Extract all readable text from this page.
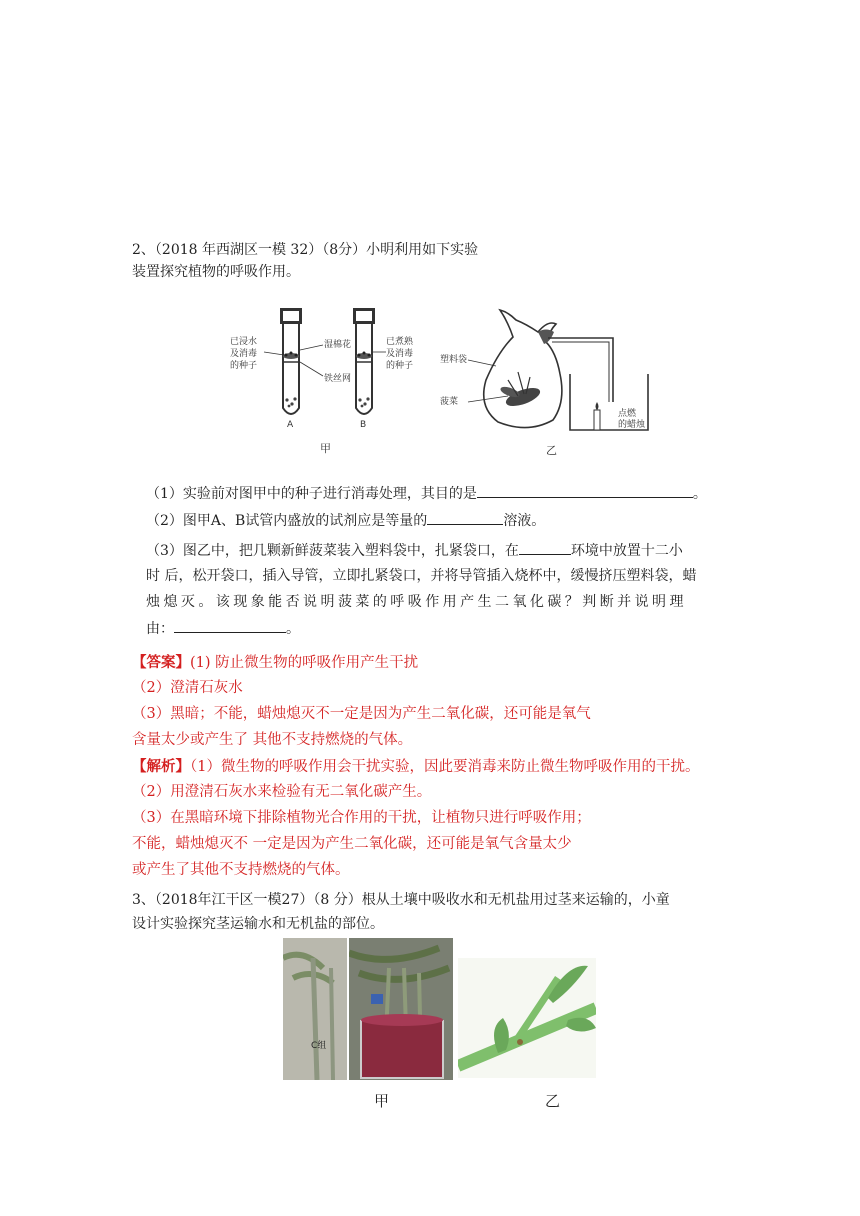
2、（2018 年西湖区一模 32）（8分）小明利用如下实验
装置探究植物的呼吸作用。
A	B
已浸水
及消毒
的种子
湿棉花
铁丝网
已煮熟
及消毒
的种子
甲
塑料袋
菠菜
点燃
的蜡烛
乙
（1）实验前对图甲中的种子进行消毒处理，其目的是	。
（2）图甲A、B试管内盛放的试剂应是等量的	溶液。
（3）图乙中，把几颗新鲜菠菜装入塑料袋中，扎紧袋口，在	环境中放置十二小
时 后，松开袋口，插入导管，立即扎紧袋口，并将导管插入烧杯中，缓慢挤压塑料袋，蜡
烛 熄 灭 。 该 现 象 能 否 说 明 菠 菜 的 呼 吸 作 用 产 生 二 氧 化 碳 ？ 判 断 并 说 明 理
由：	。
【答案】(1) 防止微生物的呼吸作用产生干扰
（2）澄清石灰水
（3）黑暗；不能，蜡烛熄灭不一定是因为产生二氧化碳，还可能是氧气
含量太少或产生了 其他不支持燃烧的气体。
【解析】（1）微生物的呼吸作用会干扰实验，因此要消毒来防止微生物呼吸作用的干扰。
（2）用澄清石灰水来检验有无二氧化碳产生。
（3）在黑暗环境下排除植物光合作用的干扰，让植物只进行呼吸作用；
不能，蜡烛熄灭不 一定是因为产生二氧化碳，还可能是氧气含量太少
或产生了其他不支持燃烧的气体。
3、（2018年江干区一模27）（8 分）根从土壤中吸收水和无机盐用过茎来运输的，小童
设计实验探究茎运输水和无机盐的部位。
C组
甲	乙
